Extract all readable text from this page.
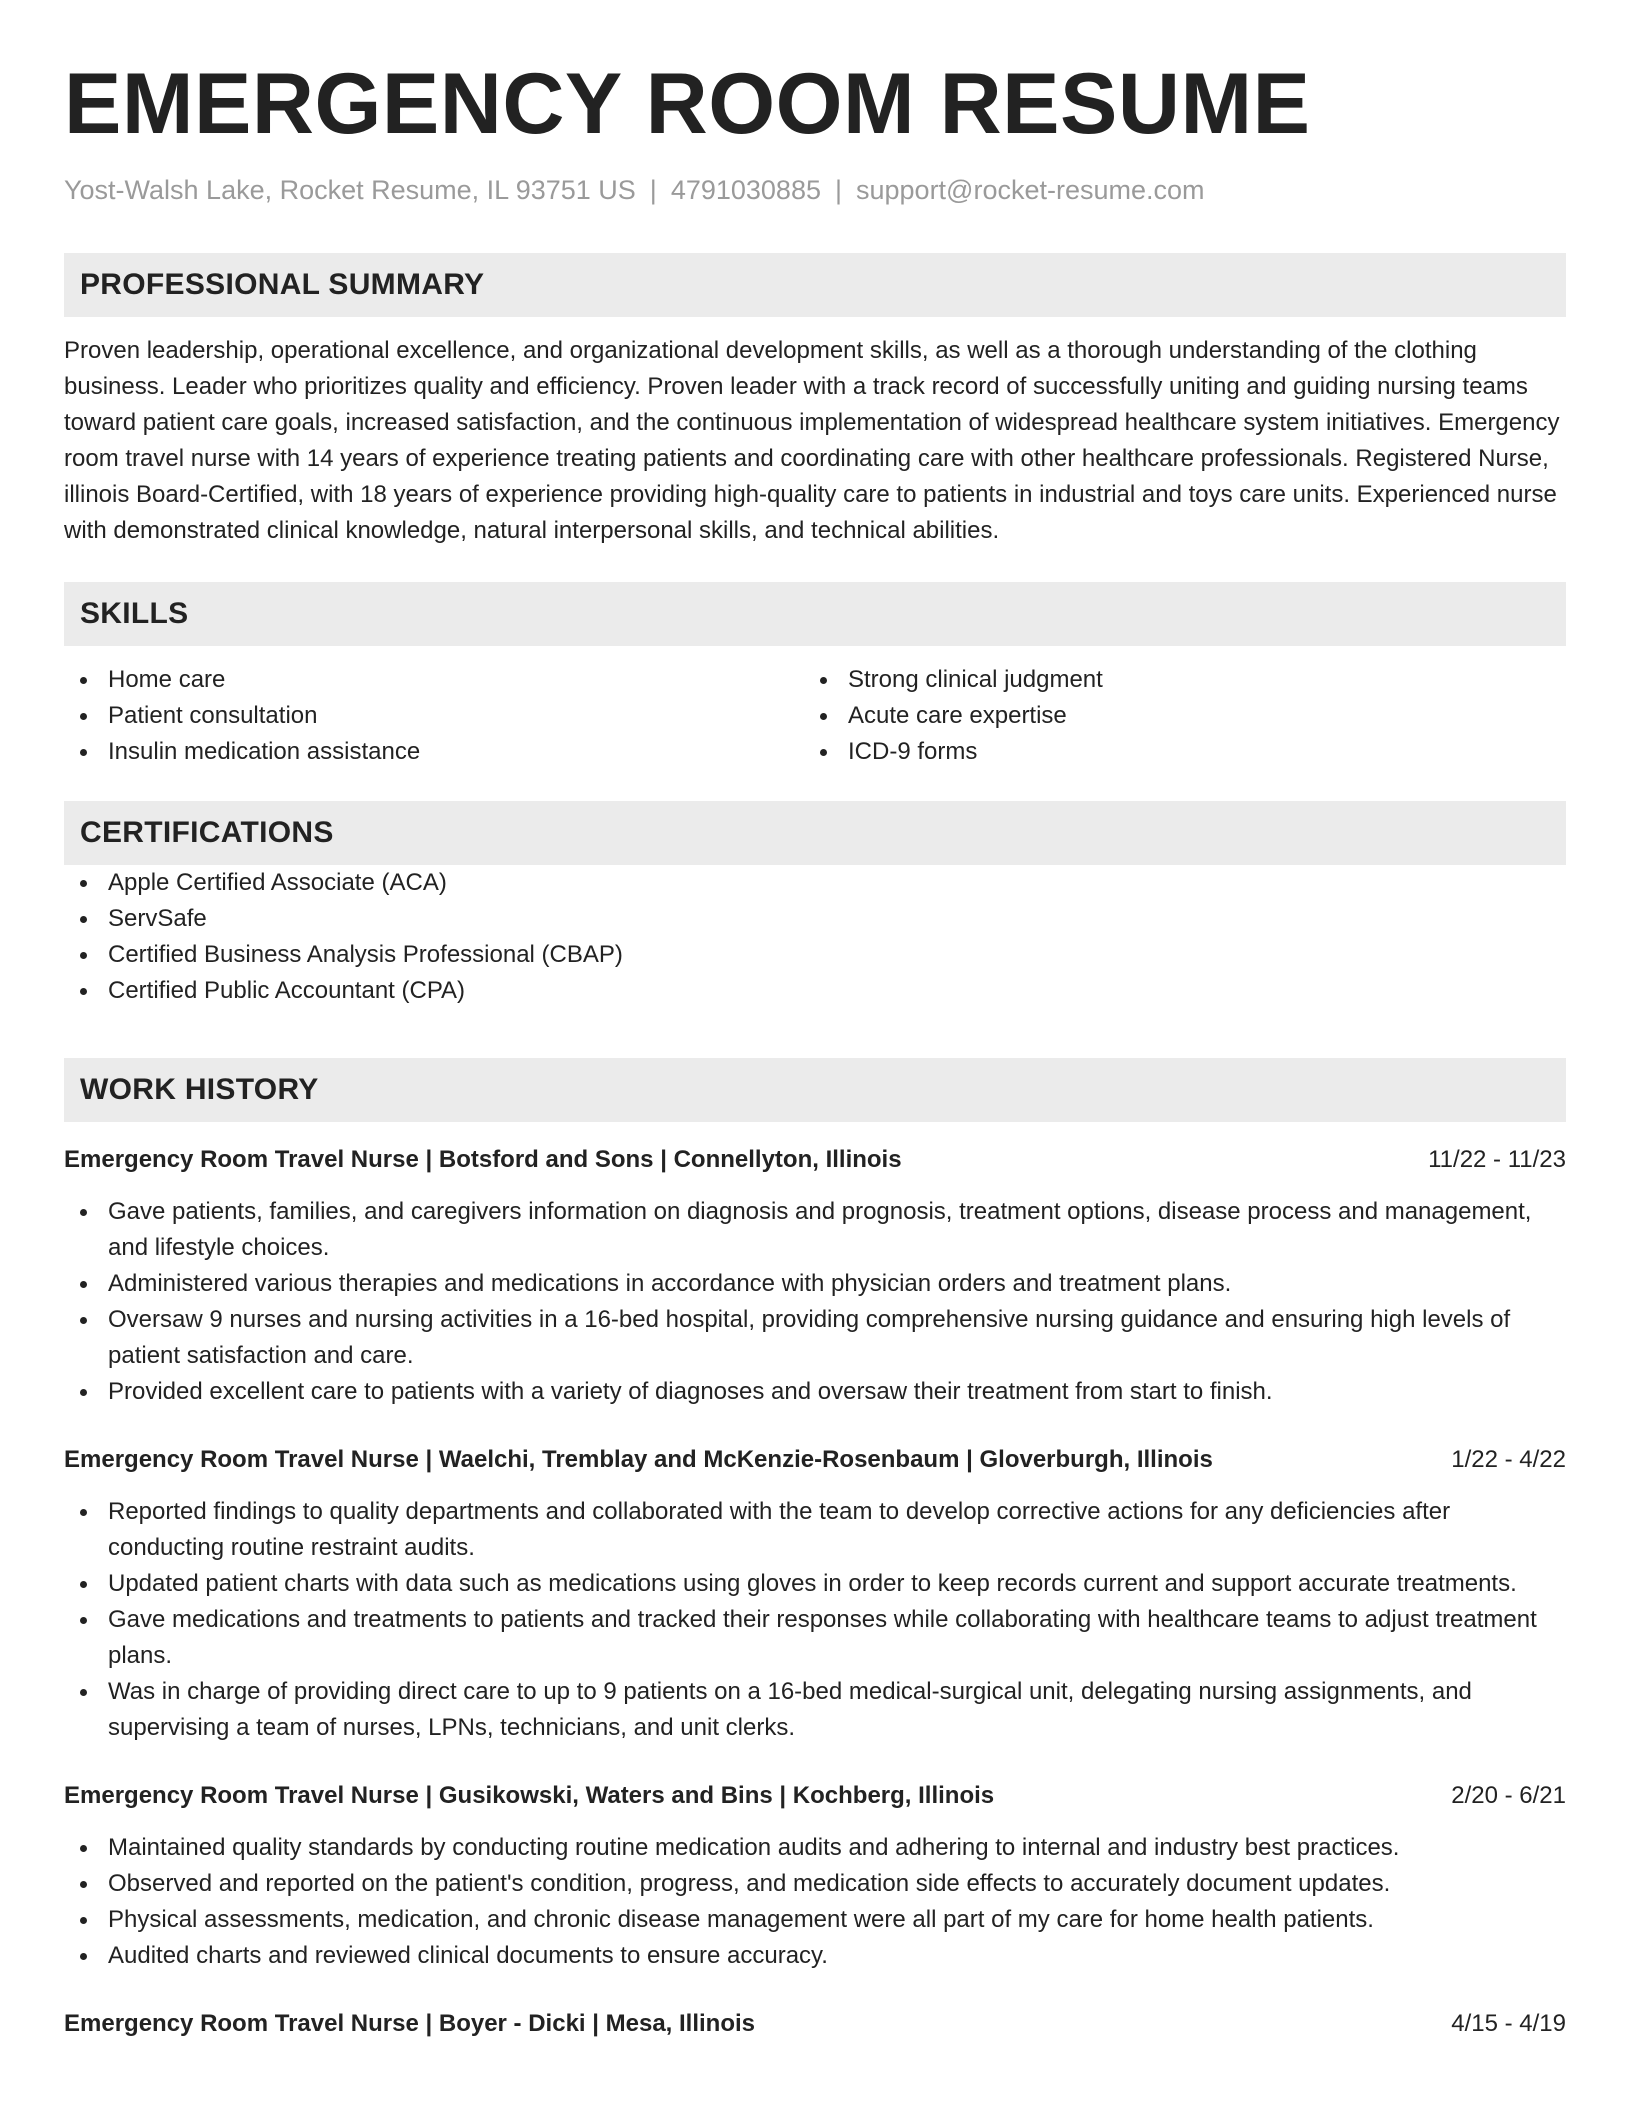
EMERGENCY ROOM RESUME
Yost-Walsh Lake, Rocket Resume, IL 93751 US | 4791030885 | support@rocket-resume.com
PROFESSIONAL SUMMARY

Proven leadership, operational excellence, and organizational development skills, as well as a thorough understanding of the clothing business. Leader who prioritizes quality and efficiency. Proven leader with a track record of successfully uniting and guiding nursing teams toward patient care goals, increased satisfaction, and the continuous implementation of widespread healthcare system initiatives. Emergency room travel nurse with 14 years of experience treating patients and coordinating care with other healthcare professionals. Registered Nurse, illinois Board-Certified, with 18 years of experience providing high-quality care to patients in industrial and toys care units. Experienced nurse with demonstrated clinical knowledge, natural interpersonal skills, and technical abilities.

SKILLS
Home care
Patient consultation
Insulin medication assistance
Strong clinical judgment
Acute care expertise
ICD-9 forms
CERTIFICATIONS
Apple Certified Associate (ACA)
ServSafe
Certified Business Analysis Professional (CBAP)
Certified Public Accountant (CPA)
WORK HISTORY
Emergency Room Travel Nurse | Botsford and Sons | Connellyton, Illinois	11/22 - 11/23
Gave patients, families, and caregivers information on diagnosis and prognosis, treatment options, disease process and management, and lifestyle choices.
Administered various therapies and medications in accordance with physician orders and treatment plans.
Oversaw 9 nurses and nursing activities in a 16-bed hospital, providing comprehensive nursing guidance and ensuring high levels of patient satisfaction and care.
Provided excellent care to patients with a variety of diagnoses and oversaw their treatment from start to finish.
Emergency Room Travel Nurse | Waelchi, Tremblay and McKenzie-Rosenbaum | Gloverburgh, Illinois	1/22 - 4/22
Reported findings to quality departments and collaborated with the team to develop corrective actions for any deficiencies after conducting routine restraint audits.
Updated patient charts with data such as medications using gloves in order to keep records current and support accurate treatments.
Gave medications and treatments to patients and tracked their responses while collaborating with healthcare teams to adjust treatment plans.
Was in charge of providing direct care to up to 9 patients on a 16-bed medical-surgical unit, delegating nursing assignments, and supervising a team of nurses, LPNs, technicians, and unit clerks.
Emergency Room Travel Nurse | Gusikowski, Waters and Bins | Kochberg, Illinois	2/20 - 6/21
Maintained quality standards by conducting routine medication audits and adhering to internal and industry best practices.
Observed and reported on the patient's condition, progress, and medication side effects to accurately document updates.
Physical assessments, medication, and chronic disease management were all part of my care for home health patients.
Audited charts and reviewed clinical documents to ensure accuracy.
Emergency Room Travel Nurse | Boyer - Dicki | Mesa, Illinois	4/15 - 4/19
